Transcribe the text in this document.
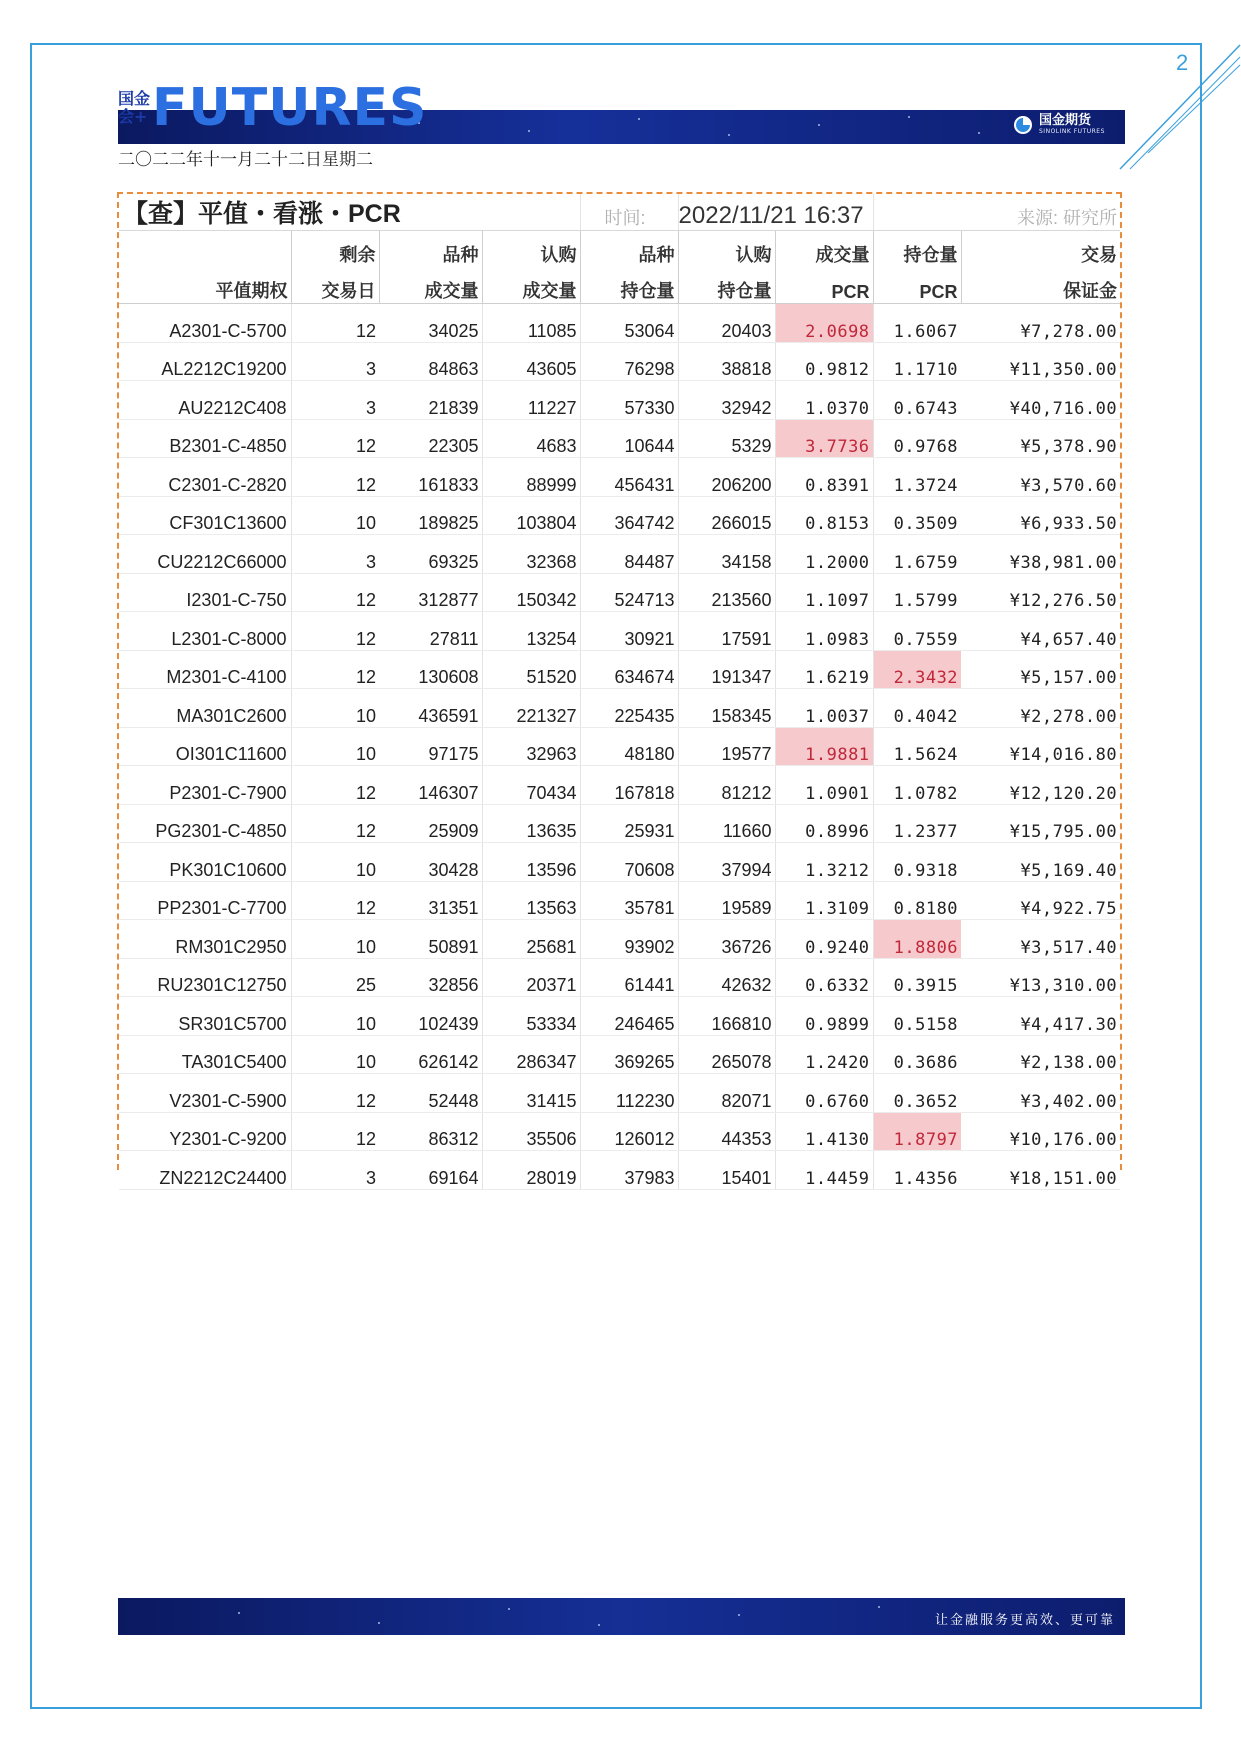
2
国金会+ FUTURES	国金期货
SINOLINK FUTURES
二〇二二年十一月二十二日星期二
【查】平值・看涨・PCR				时间:	2022/11/21 16:37		来源: 研究所	
	剩余	品种	认购	品种	认购	成交量	持仓量	交易
平值期权	交易日	成交量	成交量	持仓量	持仓量	PCR	PCR	保证金
A2301-C-5700	12	34025	11085	53064	20403	2.0698	1.6067	¥7,278.00
AL2212C19200	3	84863	43605	76298	38818	0.9812	1.1710	¥11,350.00
AU2212C408	3	21839	11227	57330	32942	1.0370	0.6743	¥40,716.00
B2301-C-4850	12	22305	4683	10644	5329	3.7736	0.9768	¥5,378.90
C2301-C-2820	12	161833	88999	456431	206200	0.8391	1.3724	¥3,570.60
CF301C13600	10	189825	103804	364742	266015	0.8153	0.3509	¥6,933.50
CU2212C66000	3	69325	32368	84487	34158	1.2000	1.6759	¥38,981.00
I2301-C-750	12	312877	150342	524713	213560	1.1097	1.5799	¥12,276.50
L2301-C-8000	12	27811	13254	30921	17591	1.0983	0.7559	¥4,657.40
M2301-C-4100	12	130608	51520	634674	191347	1.6219	2.3432	¥5,157.00
MA301C2600	10	436591	221327	225435	158345	1.0037	0.4042	¥2,278.00
OI301C11600	10	97175	32963	48180	19577	1.9881	1.5624	¥14,016.80
P2301-C-7900	12	146307	70434	167818	81212	1.0901	1.0782	¥12,120.20
PG2301-C-4850	12	25909	13635	25931	11660	0.8996	1.2377	¥15,795.00
PK301C10600	10	30428	13596	70608	37994	1.3212	0.9318	¥5,169.40
PP2301-C-7700	12	31351	13563	35781	19589	1.3109	0.8180	¥4,922.75
RM301C2950	10	50891	25681	93902	36726	0.9240	1.8806	¥3,517.40
RU2301C12750	25	32856	20371	61441	42632	0.6332	0.3915	¥13,310.00
SR301C5700	10	102439	53334	246465	166810	0.9899	0.5158	¥4,417.30
TA301C5400	10	626142	286347	369265	265078	1.2420	0.3686	¥2,138.00
V2301-C-5900	12	52448	31415	112230	82071	0.6760	0.3652	¥3,402.00
Y2301-C-9200	12	86312	35506	126012	44353	1.4130	1.8797	¥10,176.00
ZN2212C24400	3	69164	28019	37983	15401	1.4459	1.4356	¥18,151.00
让金融服务更高效、更可靠
